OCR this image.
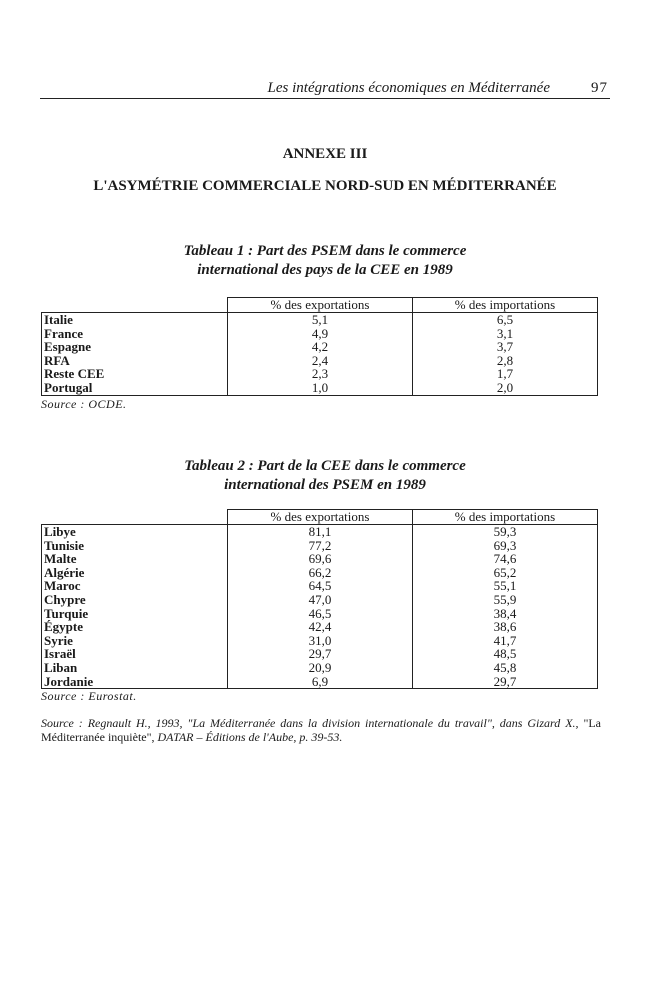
Les intégrations économiques en Méditerranée	97
ANNEXE III
L'ASYMÉTRIE COMMERCIALE NORD-SUD EN MÉDITERRANÉE
Tableau 1 : Part des PSEM dans le commerce
international des pays de la CEE en 1989
	% des exportations	% des importations
Italie	5,1	6,5
France	4,9	3,1
Espagne	4,2	3,7
RFA	2,4	2,8
Reste CEE	2,3	1,7
Portugal	1,0	2,0
Source : OCDE.
Tableau 2 : Part de la CEE dans le commerce
international des PSEM en 1989
	% des exportations	% des importations
Libye	81,1	59,3
Tunisie	77,2	69,3
Malte	69,6	74,6
Algérie	66,2	65,2
Maroc	64,5	55,1
Chypre	47,0	55,9
Turquie	46,5	38,4
Égypte	42,4	38,6
Syrie	31,0	41,7
Israël	29,7	48,5
Liban	20,9	45,8
Jordanie	6,9	29,7
Source : Eurostat.
Source : Regnault H., 1993, "La Méditerranée dans la division internationale du travail", dans Gizard X., "La Méditerranée inquiète", DATAR – Éditions de l'Aube, p. 39-53.
